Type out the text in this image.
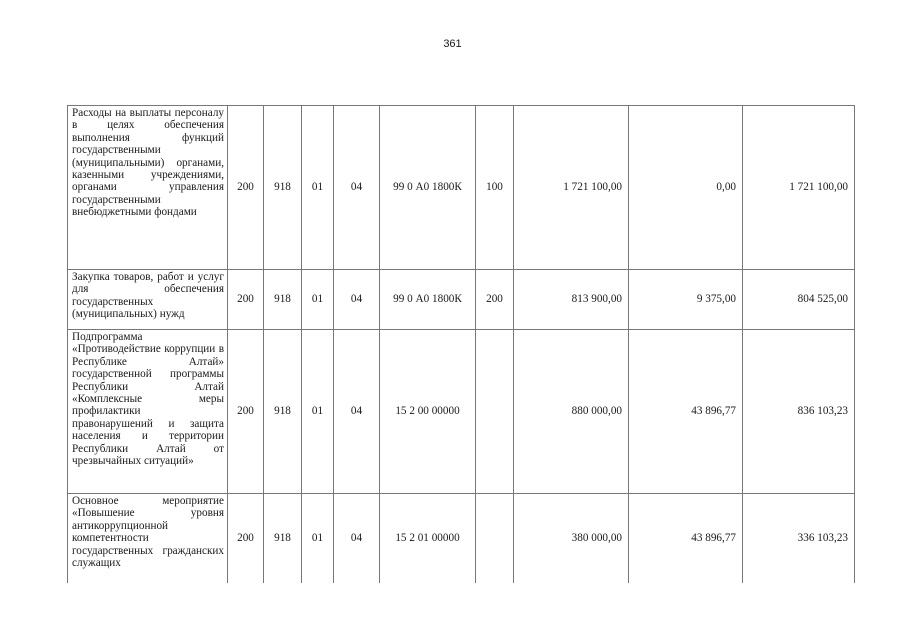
361
Расходы на выплаты персоналу в целях обеспечения выполнения функций государственными (муниципальными) органами, казенными учреждениями, органами управления государственными внебюджетными фондами	200	918	01	04	99 0 А0 1800К	100	1 721 100,00	0,00	1 721 100,00
Закупка товаров, работ и услуг для обеспечения государственных (муниципальных) нужд	200	918	01	04	99 0 А0 1800К	200	813 900,00	9 375,00	804 525,00
Подпрограмма «Противодействие коррупции в Республике Алтай» государственной программы Республики Алтай «Комплексные меры профилактики правонарушений и защита населения и территории Республики Алтай от чрезвычайных ситуаций»	200	918	01	04	15 2 00 00000		880 000,00	43 896,77	836 103,23
Основное мероприятие «Повышение уровня антикоррупционной компетентности государственных гражданских служащих	200	918	01	04	15 2 01 00000		380 000,00	43 896,77	336 103,23
